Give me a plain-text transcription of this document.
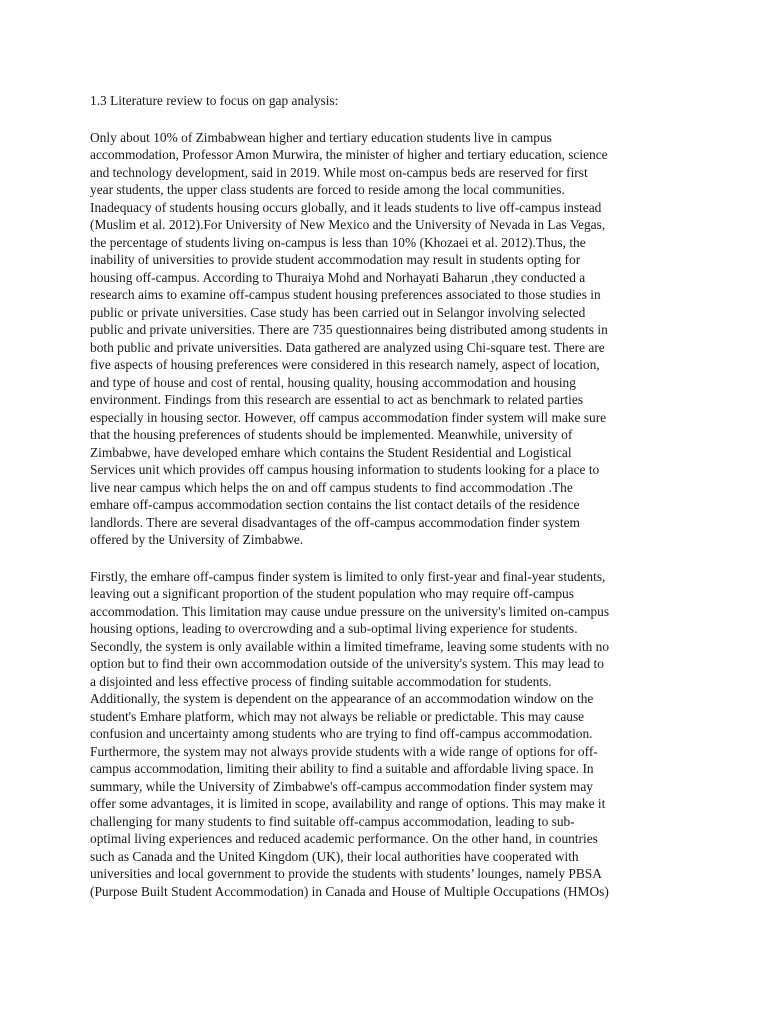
1.3 Literature review to focus on gap analysis:
Only about 10% of Zimbabwean higher and tertiary education students live in campus
accommodation, Professor Amon Murwira, the minister of higher and tertiary education, science
and technology development, said in 2019. While most on-campus beds are reserved for first
year students, the upper class students are forced to reside among the local communities.
Inadequacy of students housing occurs globally, and it leads students to live off-campus instead
(Muslim et al. 2012).For University of New Mexico and the University of Nevada in Las Vegas,
the percentage of students living on-campus is less than 10% (Khozaei et al. 2012).Thus, the
inability of universities to provide student accommodation may result in students opting for
housing off-campus. According to Thuraiya Mohd and Norhayati Baharun ,they conducted a
research aims to examine off-campus student housing preferences associated to those studies in
public or private universities. Case study has been carried out in Selangor involving selected
public and private universities. There are 735 questionnaires being distributed among students in
both public and private universities. Data gathered are analyzed using Chi-square test. There are
five aspects of housing preferences were considered in this research namely, aspect of location,
and type of house and cost of rental, housing quality, housing accommodation and housing
environment. Findings from this research are essential to act as benchmark to related parties
especially in housing sector. However, off campus accommodation finder system will make sure
that the housing preferences of students should be implemented. Meanwhile, university of
Zimbabwe, have developed emhare which contains the Student Residential and Logistical
Services unit which provides off campus housing information to students looking for a place to
live near campus which helps the on and off campus students to find accommodation .The
emhare off-campus accommodation section contains the list contact details of the residence
landlords. There are several disadvantages of the off-campus accommodation finder system
offered by the University of Zimbabwe.
Firstly, the emhare off-campus finder system is limited to only first-year and final-year students,
leaving out a significant proportion of the student population who may require off-campus
accommodation. This limitation may cause undue pressure on the university's limited on-campus
housing options, leading to overcrowding and a sub-optimal living experience for students.
Secondly, the system is only available within a limited timeframe, leaving some students with no
option but to find their own accommodation outside of the university's system. This may lead to
a disjointed and less effective process of finding suitable accommodation for students.
Additionally, the system is dependent on the appearance of an accommodation window on the
student's Emhare platform, which may not always be reliable or predictable. This may cause
confusion and uncertainty among students who are trying to find off-campus accommodation.
Furthermore, the system may not always provide students with a wide range of options for off-
campus accommodation, limiting their ability to find a suitable and affordable living space. In
summary, while the University of Zimbabwe's off-campus accommodation finder system may
offer some advantages, it is limited in scope, availability and range of options. This may make it
challenging for many students to find suitable off-campus accommodation, leading to sub-
optimal living experiences and reduced academic performance. On the other hand, in countries
such as Canada and the United Kingdom (UK), their local authorities have cooperated with
universities and local government to provide the students with students’ lounges, namely PBSA
(Purpose Built Student Accommodation) in Canada and House of Multiple Occupations (HMOs)
